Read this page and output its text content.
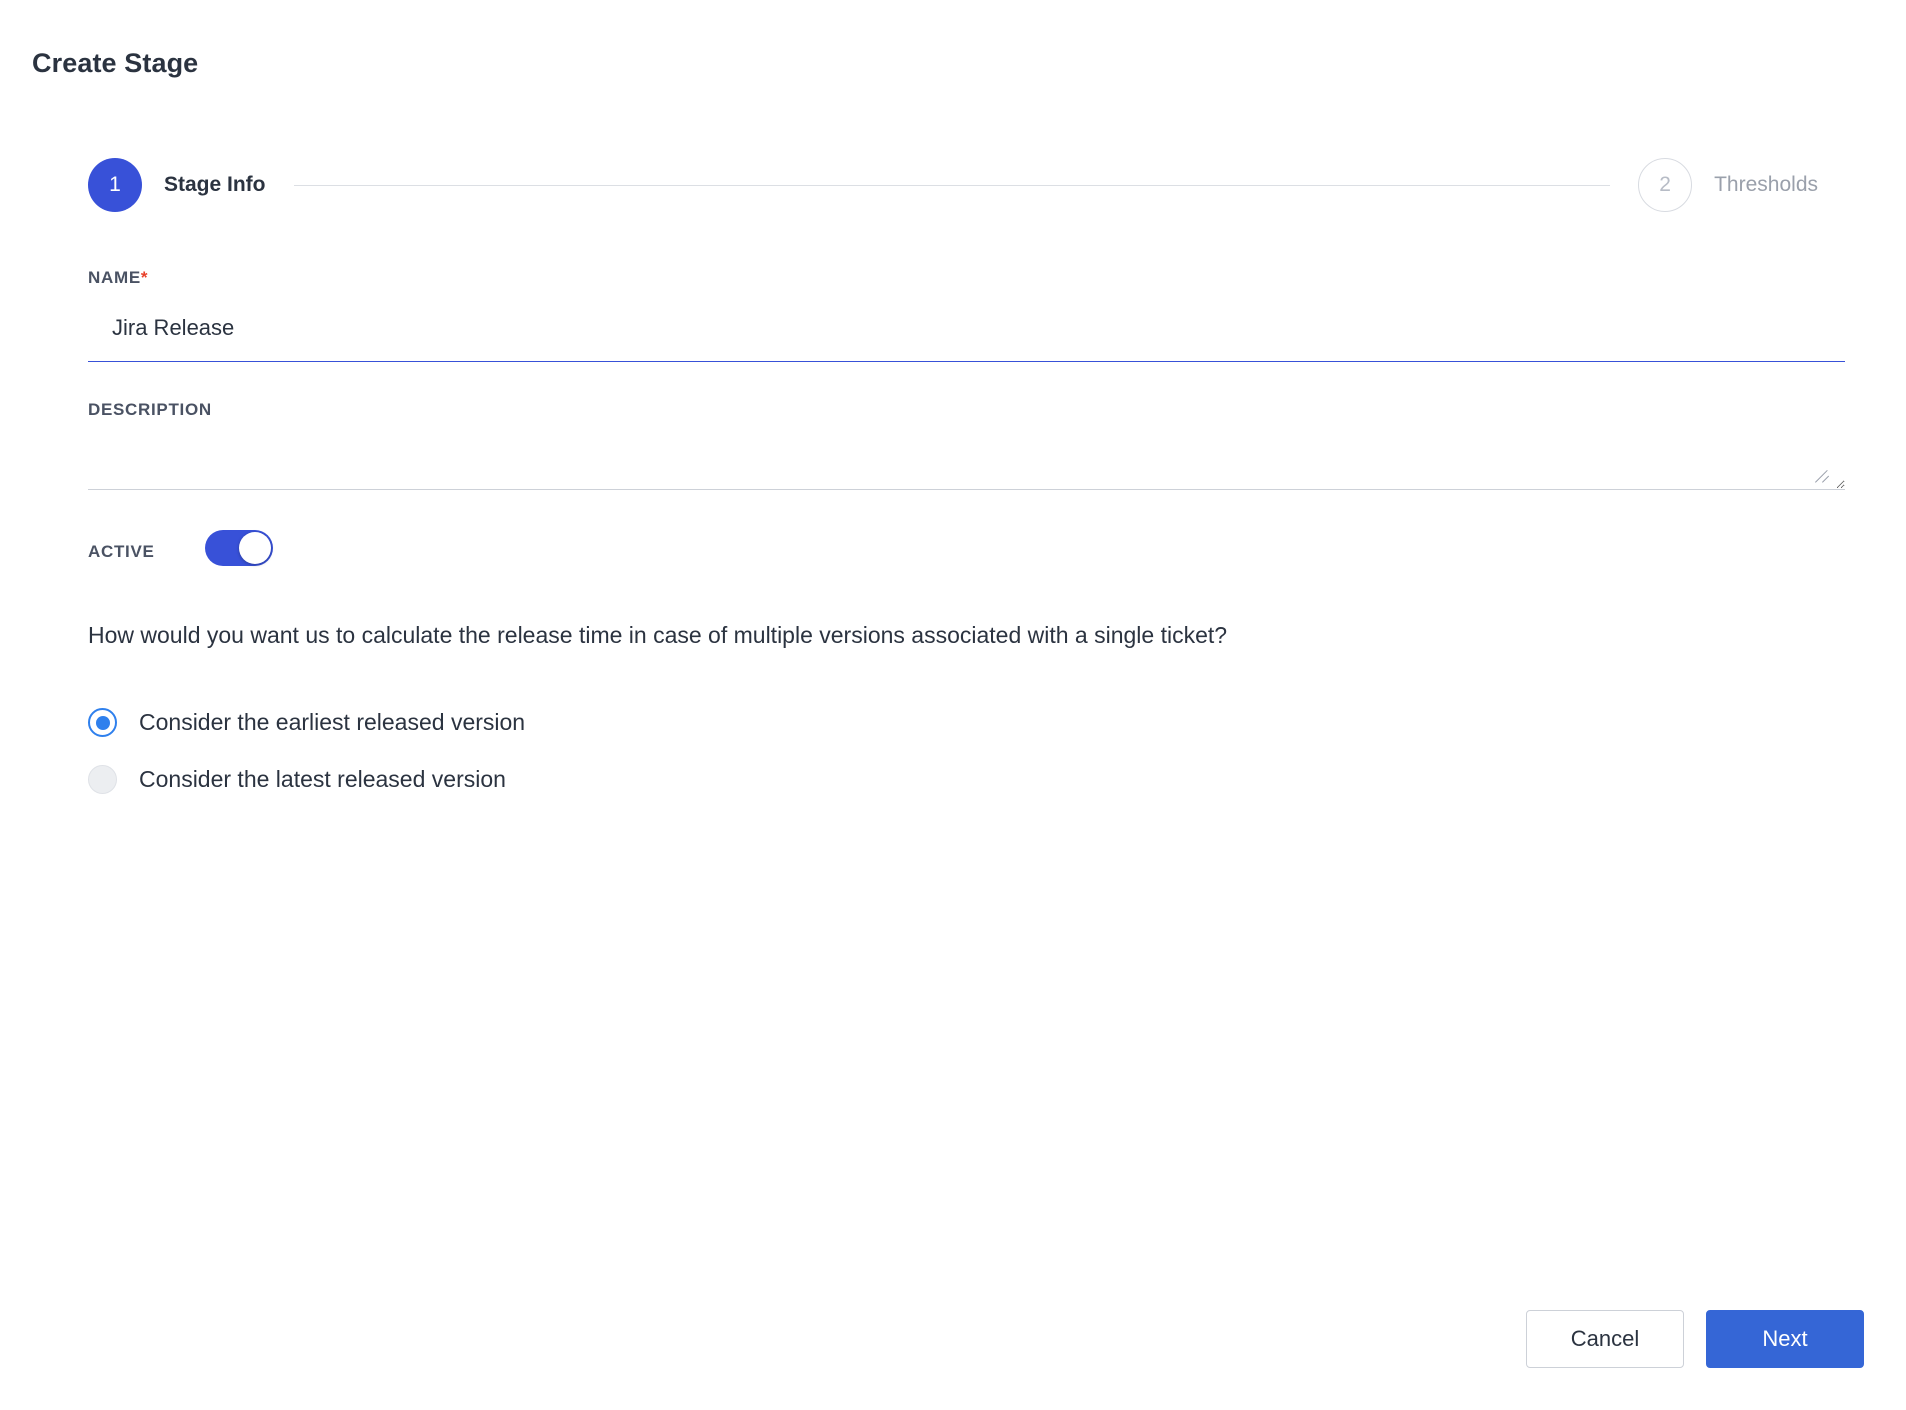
Create Stage
1	Stage Info	2	Thresholds
NAME*
Jira Release
DESCRIPTION
ACTIVE
How would you want us to calculate the release time in case of multiple versions associated with a single ticket?
Consider the earliest released version
Consider the latest released version
Cancel	Next
